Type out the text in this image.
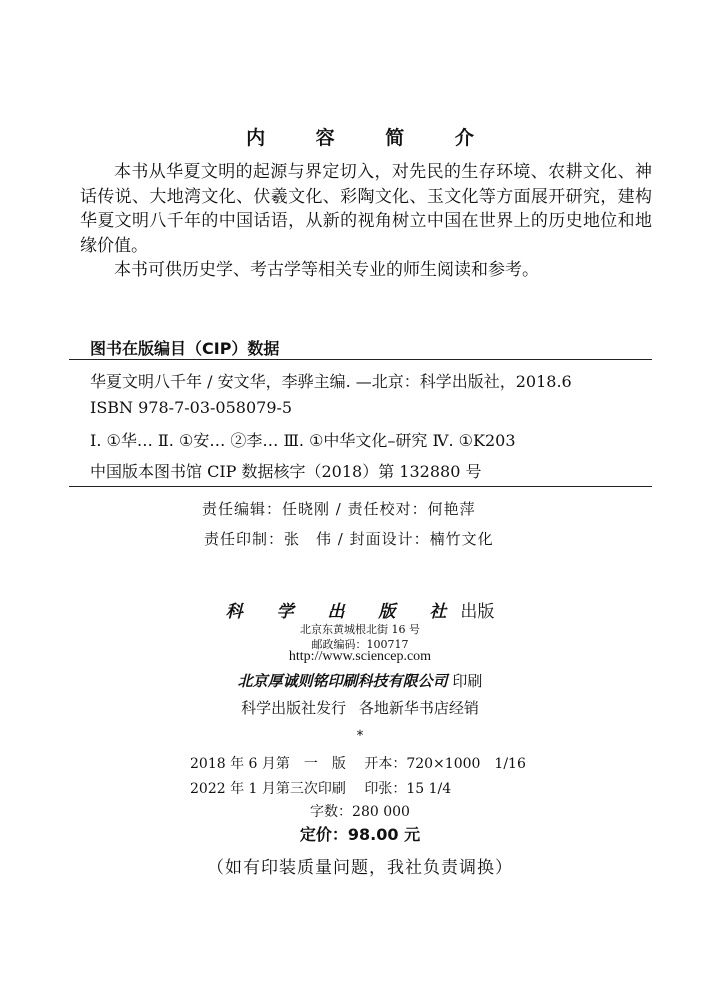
内 容 简 介

本书从华夏文明的起源与界定切入，对先民的生存环境、农耕文化、神话传说、大地湾文化、伏羲文化、彩陶文化、玉文化等方面展开研究，建构华夏文明八千年的中国话语，从新的视角树立中国在世界上的历史地位和地缘价值。

本书可供历史学、考古学等相关专业的师生阅读和参考。

图书在版编目（CIP）数据
华夏文明八千年 / 安文华，李骅主编. —北京：科学出版社，2018.6
ISBN 978-7-03-058079-5
Ⅰ. ①华… Ⅱ. ①安… ②李… Ⅲ. ①中华文化–研究 Ⅳ. ①K203
中国版本图书馆 CIP 数据核字（2018）第 132880 号
责任编辑：任晓刚 / 责任校对：何艳萍
责任印制：张　伟 / 封面设计：楠竹文化
科 学 出 版 社出版
北京东黄城根北街 16 号
邮政编码：100717
http://www.sciencep.com
北京厚诚则铭印刷科技有限公司 印刷
科学出版社发行 各地新华书店经销
*
2018 年 6 月第　一　版　 开本：720×1000　1/16
2022 年 1 月第三次印刷　 印张：15 1/4
字数：280 000
定价：98.00 元
（如有印装质量问题，我社负责调换）
